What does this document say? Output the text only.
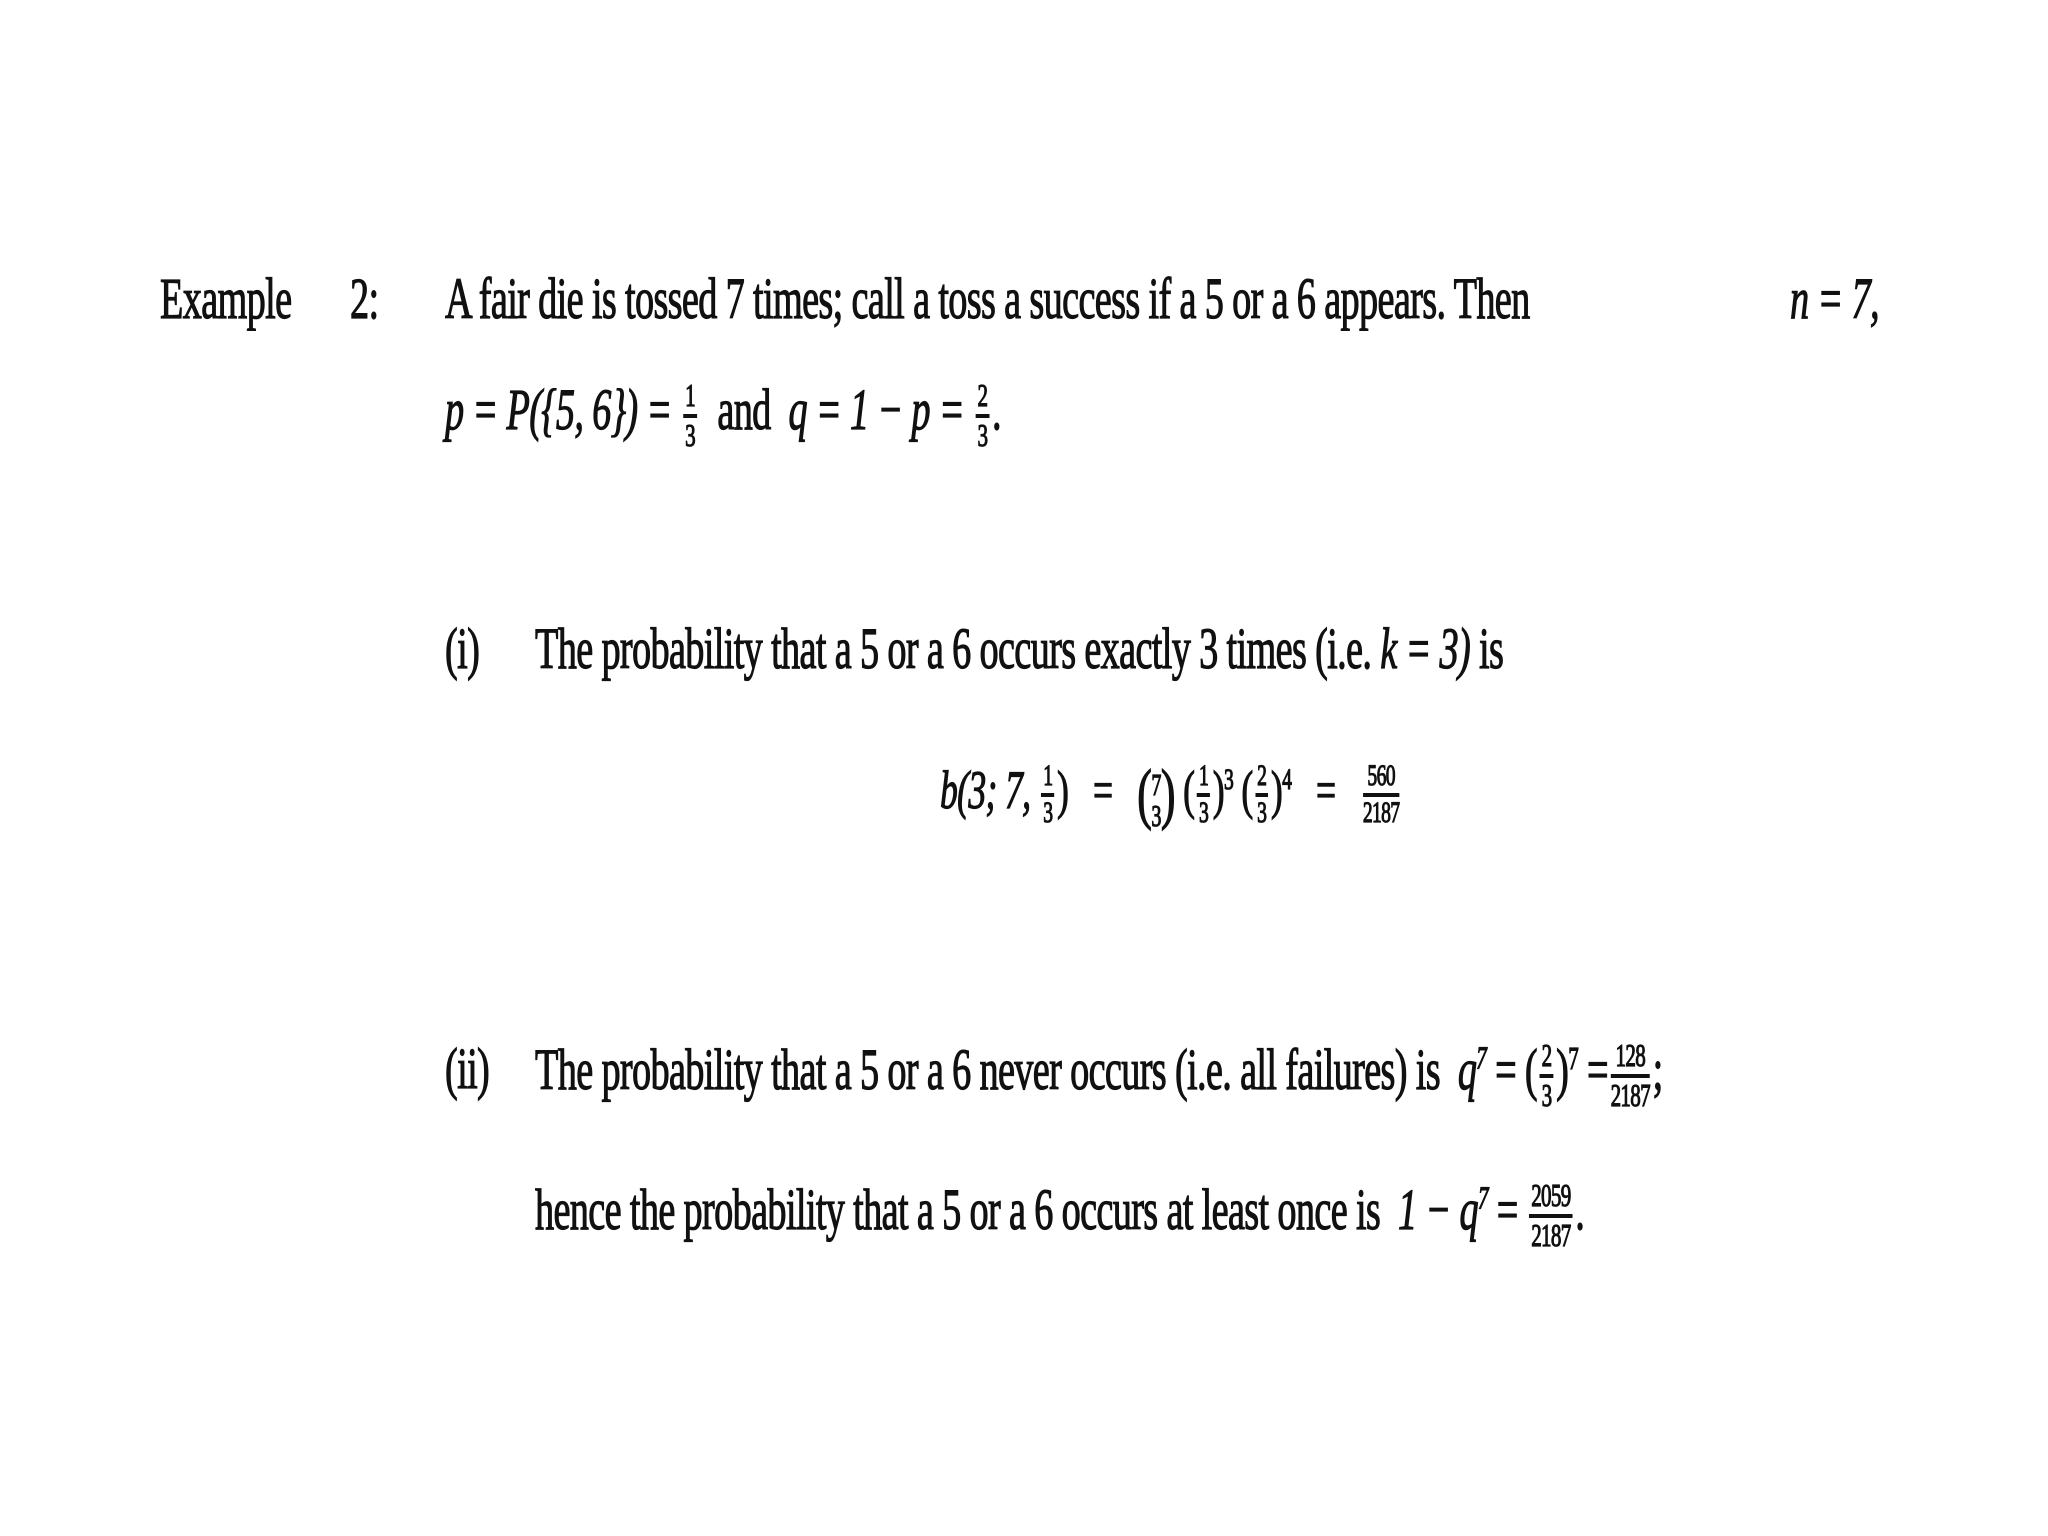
Example 2: A fair die is tossed 7 times; call a toss a success if a 5 or a 6 appears. Then	n = 7,
p = P({5, $6\}) = \frac{1}{3}$ and $q = 1 - p = \frac{2}{3}$ .
(i) The probability that a 5 or a 6 occurs exactly 3 times (i.e. k = 3) is
b(3; 7, $\frac{1}{3}$ ) = ( 7
3 ) ( $\frac{1}{3} )^3$ ( $\frac{2}{3} )^4 = \frac{560}{2187}$
(ii) The probability that a 5 or a 6 never occurs (i.e. all failures) is $q^7$ = ( $\frac{2}{3} )^7 = \frac{128}{2187}$ ;
hence the probability that a 5 or a 6 occurs at least once is $1 - q^7 = \frac{2059}{2187}$ .
